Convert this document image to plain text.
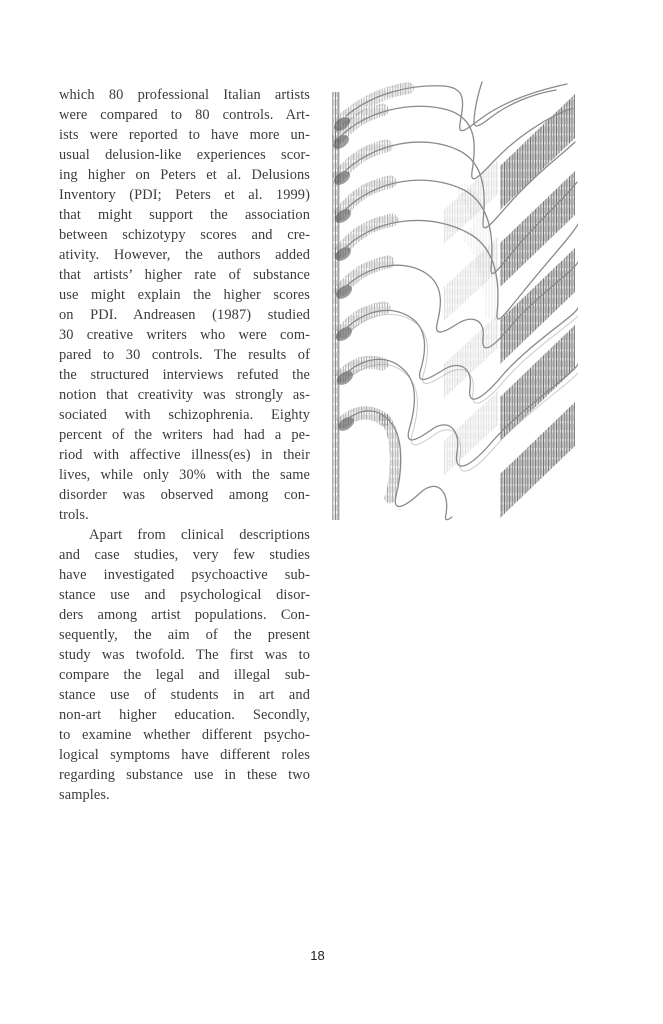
which 80 professional Italian artists
were compared to 80 controls. Art-
ists were reported to have more un-
usual delusion-like experiences scor-
ing higher on Peters et al. Delusions
Inventory (PDI; Peters et al. 1999)
that might support the association
between schizotypy scores and cre-
ativity. However, the authors added
that artists’ higher rate of substance
use might explain the higher scores
on PDI. Andreasen (1987) studied
30 creative writers who were com-
pared to 30 controls. The results of
the structured interviews refuted the
notion that creativity was strongly as-
sociated with schizophrenia. Eighty
percent of the writers had had a pe-
riod with affective illness(es) in their
lives, while only 30% with the same
disorder was observed among con-
trols.
Apart from clinical descriptions
and case studies, very few studies
have investigated psychoactive sub-
stance use and psychological disor-
ders among artist populations. Con-
sequently, the aim of the present
study was twofold. The first was to
compare the legal and illegal sub-
stance use of students in art and
non-art higher education. Secondly,
to examine whether different psycho-
logical symptoms have different roles
regarding substance use in these two
samples.
18
